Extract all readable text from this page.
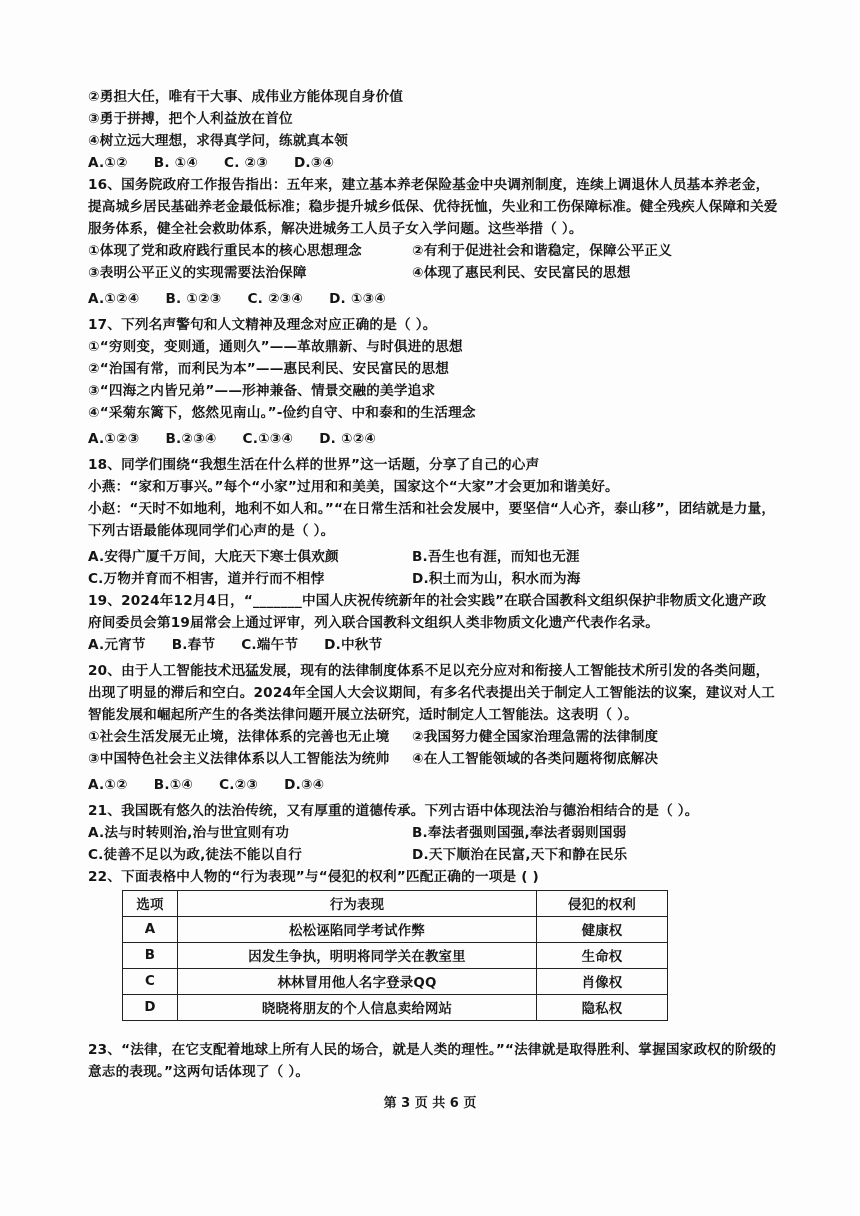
②勇担大任，唯有干大事、成伟业方能体现自身价值
③勇于拼搏，把个人利益放在首位
④树立远大理想，求得真学问，练就真本领
A.①② B. ①④ C. ②③ D.③④
16、国务院政府工作报告指出：五年来，建立基本养老保险基金中央调剂制度，连续上调退休人员基本养老金，提高城乡居民基础养老金最低标准；稳步提升城乡低保、优待抚恤，失业和工伤保障标准。健全残疾人保障和关爱服务体系，健全社会救助体系，解决进城务工人员子女入学问题。这些举措（ ）。
①体现了党和政府践行重民本的核心思想理念	②有利于促进社会和谐稳定，保障公平正义
③表明公平正义的实现需要法治保障	④体现了惠民利民、安民富民的思想
A.①②④ B. ①②③ C. ②③④ D. ①③④
17、下列名声警句和人文精神及理念对应正确的是（ ）。
①“穷则变，变则通，通则久”——革故鼎新、与时俱进的思想
②“治国有常，而利民为本”——惠民利民、安民富民的思想
③“四海之内皆兄弟”——形神兼备、情景交融的美学追求
④“采菊东篱下，悠然见南山。”-俭约自守、中和泰和的生活理念
A.①②③ B.②③④ C.①③④ D. ①②④
18、同学们围绕“我想生活在什么样的世界”这一话题，分享了自己的心声
小燕：“家和万事兴。”每个“小家”过用和和美美，国家这个“大家”才会更加和谐美好。
小赵：“天时不如地利，地利不如人和。”“在日常生活和社会发展中，要坚信“人心齐，泰山移”，团结就是力量，下列古语最能体现同学们心声的是（ ）。
A.安得广厦千万间，大庇天下寒士俱欢颜	B.吾生也有涯，而知也无涯
C.万物并育而不相害，道并行而不相悖	D.积土而为山，积水而为海
19、2024年12月4日，“_______中国人庆祝传统新年的社会实践”在联合国教科文组织保护非物质文化遗产政府间委员会第19届常会上通过评审，列入联合国教科文组织人类非物质文化遗产代表作名录。
A.元宵节 B.春节 C.端午节 D.中秋节
20、由于人工智能技术迅猛发展，现有的法律制度体系不足以充分应对和衔接人工智能技术所引发的各类问题，出现了明显的滞后和空白。2024年全国人大会议期间，有多名代表提出关于制定人工智能法的议案，建议对人工智能发展和崛起所产生的各类法律问题开展立法研究，适时制定人工智能法。这表明（ ）。
①社会生活发展无止境，法律体系的完善也无止境	②我国努力健全国家治理急需的法律制度
③中国特色社会主义法律体系以人工智能法为统帅	④在人工智能领域的各类问题将彻底解决
A.①② B.①④ C.②③ D.③④
21、我国既有悠久的法治传统，又有厚重的道德传承。下列古语中体现法治与德治相结合的是（ ）。
A.法与时转则治,治与世宜则有功	B.奉法者强则国强,奉法者弱则国弱
C.徒善不足以为政,徒法不能以自行	D.天下顺治在民富,天下和静在民乐
22、下面表格中人物的“行为表现”与“侵犯的权利”匹配正确的一项是 ( )
选项	行为表现	侵犯的权利
A	松松诬陷同学考试作弊	健康权
B	因发生争执，明明将同学关在教室里	生命权
C	林林冒用他人名字登录QQ	肖像权
D	晓晓将朋友的个人信息卖给网站	隐私权
23、“法律，在它支配着地球上所有人民的场合，就是人类的理性。”“法律就是取得胜利、掌握国家政权的阶级的意志的表现。”这两句话体现了（ ）。
第 3 页 共 6 页
